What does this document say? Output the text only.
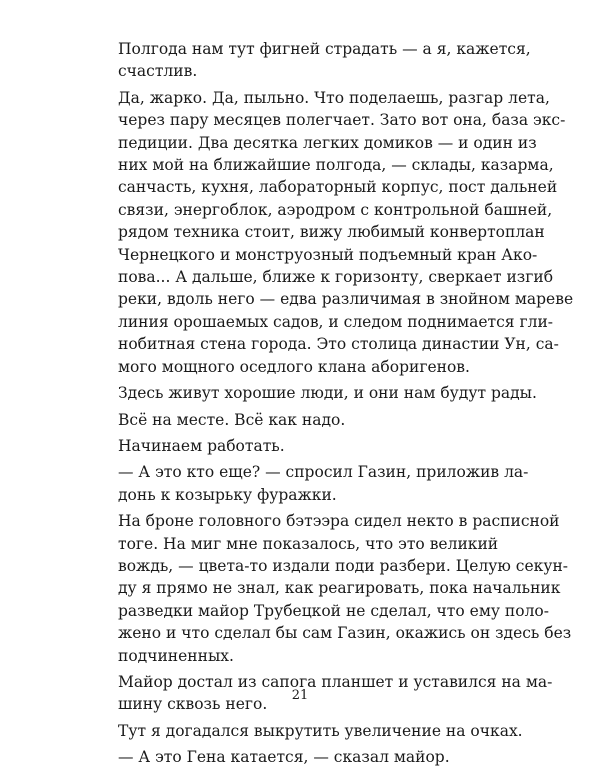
Полгода нам тут фигней страдать — а я, кажется,
счастлив.

Да, жарко. Да, пыльно. Что поделаешь, разгар лета,
через пару месяцев полегчает. Зато вот она, база экс-
педиции. Два десятка легких домиков — и один из
них мой на ближайшие полгода, — склады, казарма,
санчасть, кухня, лабораторный корпус, пост дальней
связи, энергоблок, аэродром с контрольной башней,
рядом техника стоит, вижу любимый конвертоплан
Чернецкого и монструозный подъемный кран Ако-
пова... А дальше, ближе к горизонту, сверкает изгиб
реки, вдоль него — едва различимая в знойном мареве
линия орошаемых садов, и следом поднимается гли-
нобитная стена города. Это столица династии Ун, са-
мого мощного оседлого клана аборигенов.

Здесь живут хорошие люди, и они нам будут рады.

Всё на месте. Всё как надо.

Начинаем работать.

— А это кто еще? — спросил Газин, приложив ла-
донь к козырьку фуражки.

На броне головного бэтээра сидел некто в расписной
тоге. На миг мне показалось, что это великий
вождь, — цвета-то издали поди разбери. Целую секун-
ду я прямо не знал, как реагировать, пока начальник
разведки майор Трубецкой не сделал, что ему поло-
жено и что сделал бы сам Газин, окажись он здесь без
подчиненных.

Майор достал из сапога планшет и уставился на ма-
шину сквозь него.

Тут я догадался выкрутить увеличение на очках.

— А это Гена катается, — сказал майор.

21
